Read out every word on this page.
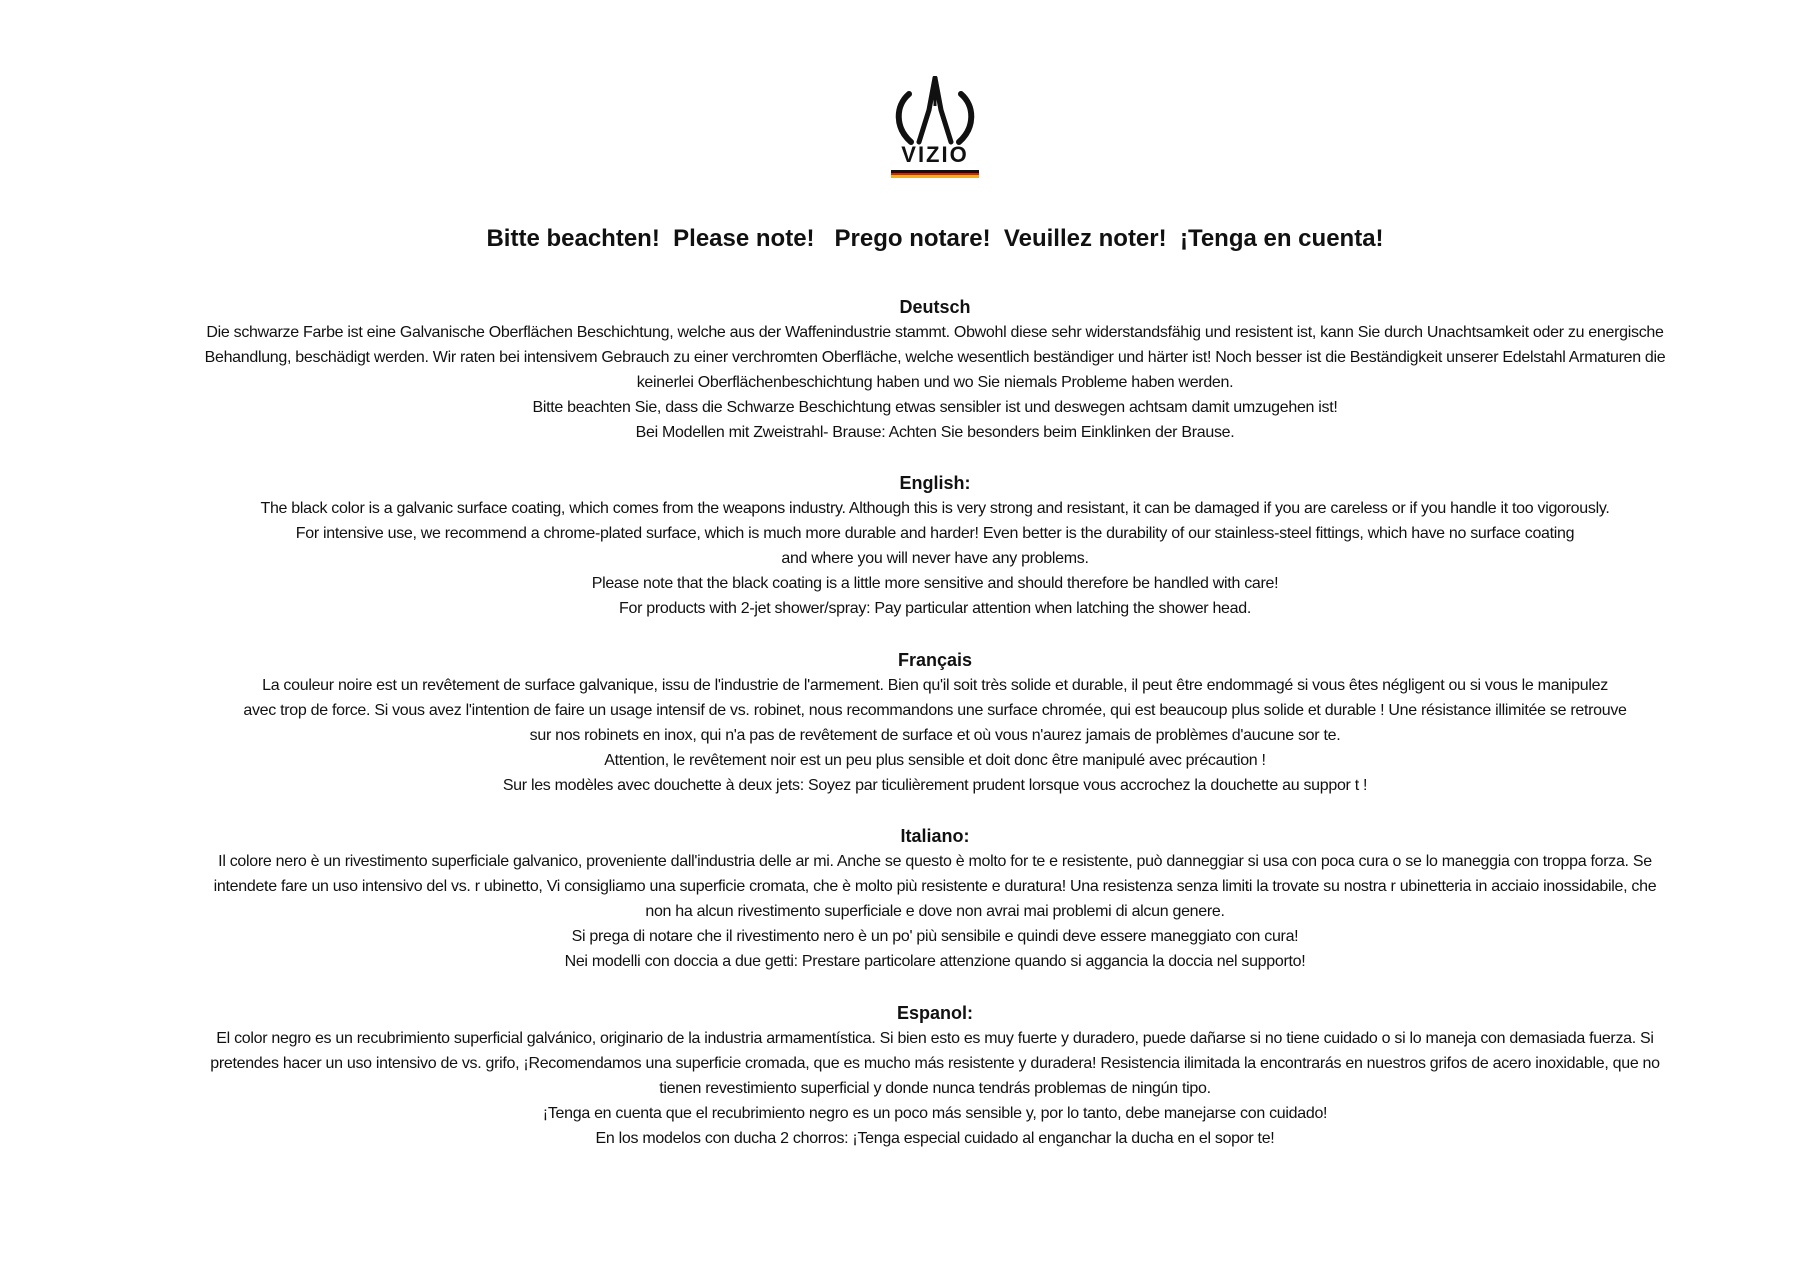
VIZIO
Bitte beachten!  Please note!   Prego notare!  Veuillez noter!  ¡Tenga en cuenta!
Deutsch

Die schwarze Farbe ist eine Galvanische Oberflächen Beschichtung, welche aus der Waffenindustrie stammt. Obwohl diese sehr widerstandsfähig und resistent ist, kann Sie durch Unachtsamkeit oder zu energische

Behandlung, beschädigt werden. Wir raten bei intensivem Gebrauch zu einer verchromten Oberfläche, welche wesentlich beständiger und härter ist! Noch besser ist die Beständigkeit unserer Edelstahl Armaturen die

keinerlei Oberflächenbeschichtung haben und wo Sie niemals Probleme haben werden.

Bitte beachten Sie, dass die Schwarze Beschichtung etwas sensibler ist und deswegen achtsam damit umzugehen ist!

Bei Modellen mit Zweistrahl- Brause: Achten Sie besonders beim Einklinken der Brause.

English:

The black color is a galvanic surface coating, which comes from the weapons industry. Although this is very strong and resistant, it can be damaged if you are careless or if you handle it too vigorously.

For intensive use, we recommend a chrome-plated surface, which is much more durable and harder! Even better is the durability of our stainless-steel fittings, which have no surface coating

and where you will never have any problems.

Please note that the black coating is a little more sensitive and should therefore be handled with care!

For products with 2-jet shower/spray: Pay particular attention when latching the shower head.

Français

La couleur noire est un revêtement de surface galvanique, issu de l'industrie de l'armement. Bien qu'il soit très solide et durable, il peut être endommagé si vous êtes négligent ou si vous le manipulez

avec trop de force. Si vous avez l'intention de faire un usage intensif de vs. robinet, nous recommandons une surface chromée, qui est beaucoup plus solide et durable ! Une résistance illimitée se retrouve

sur nos robinets en inox, qui n'a pas de revêtement de surface et où vous n'aurez jamais de problèmes d'aucune sor te.

Attention, le revêtement noir est un peu plus sensible et doit donc être manipulé avec précaution !

Sur les modèles avec douchette à deux jets: Soyez par ticulièrement prudent lorsque vous accrochez la douchette au suppor t !

Italiano:

Il colore nero è un rivestimento superficiale galvanico, proveniente dall'industria delle ar mi. Anche se questo è molto for te e resistente, può danneggiar si usa con poca cura o se lo maneggia con troppa forza. Se

intendete fare un uso intensivo del vs. r ubinetto, Vi consigliamo una superficie cromata, che è molto più resistente e duratura! Una resistenza senza limiti la trovate su nostra r ubinetteria in acciaio inossidabile, che

non ha alcun rivestimento superficiale e dove non avrai mai problemi di alcun genere.

Si prega di notare che il rivestimento nero è un po' più sensibile e quindi deve essere maneggiato con cura!

Nei modelli con doccia a due getti: Prestare particolare attenzione quando si aggancia la doccia nel supporto!

Espanol:

El color negro es un recubrimiento superficial galvánico, originario de la industria armamentística. Si bien esto es muy fuerte y duradero, puede dañarse si no tiene cuidado o si lo maneja con demasiada fuerza. Si

pretendes hacer un uso intensivo de vs. grifo, ¡Recomendamos una superficie cromada, que es mucho más resistente y duradera! Resistencia ilimitada la encontrarás en nuestros grifos de acero inoxidable, que no

tienen revestimiento superficial y donde nunca tendrás problemas de ningún tipo.

¡Tenga en cuenta que el recubrimiento negro es un poco más sensible y, por lo tanto, debe manejarse con cuidado!

En los modelos con ducha 2 chorros: ¡Tenga especial cuidado al enganchar la ducha en el sopor te!
